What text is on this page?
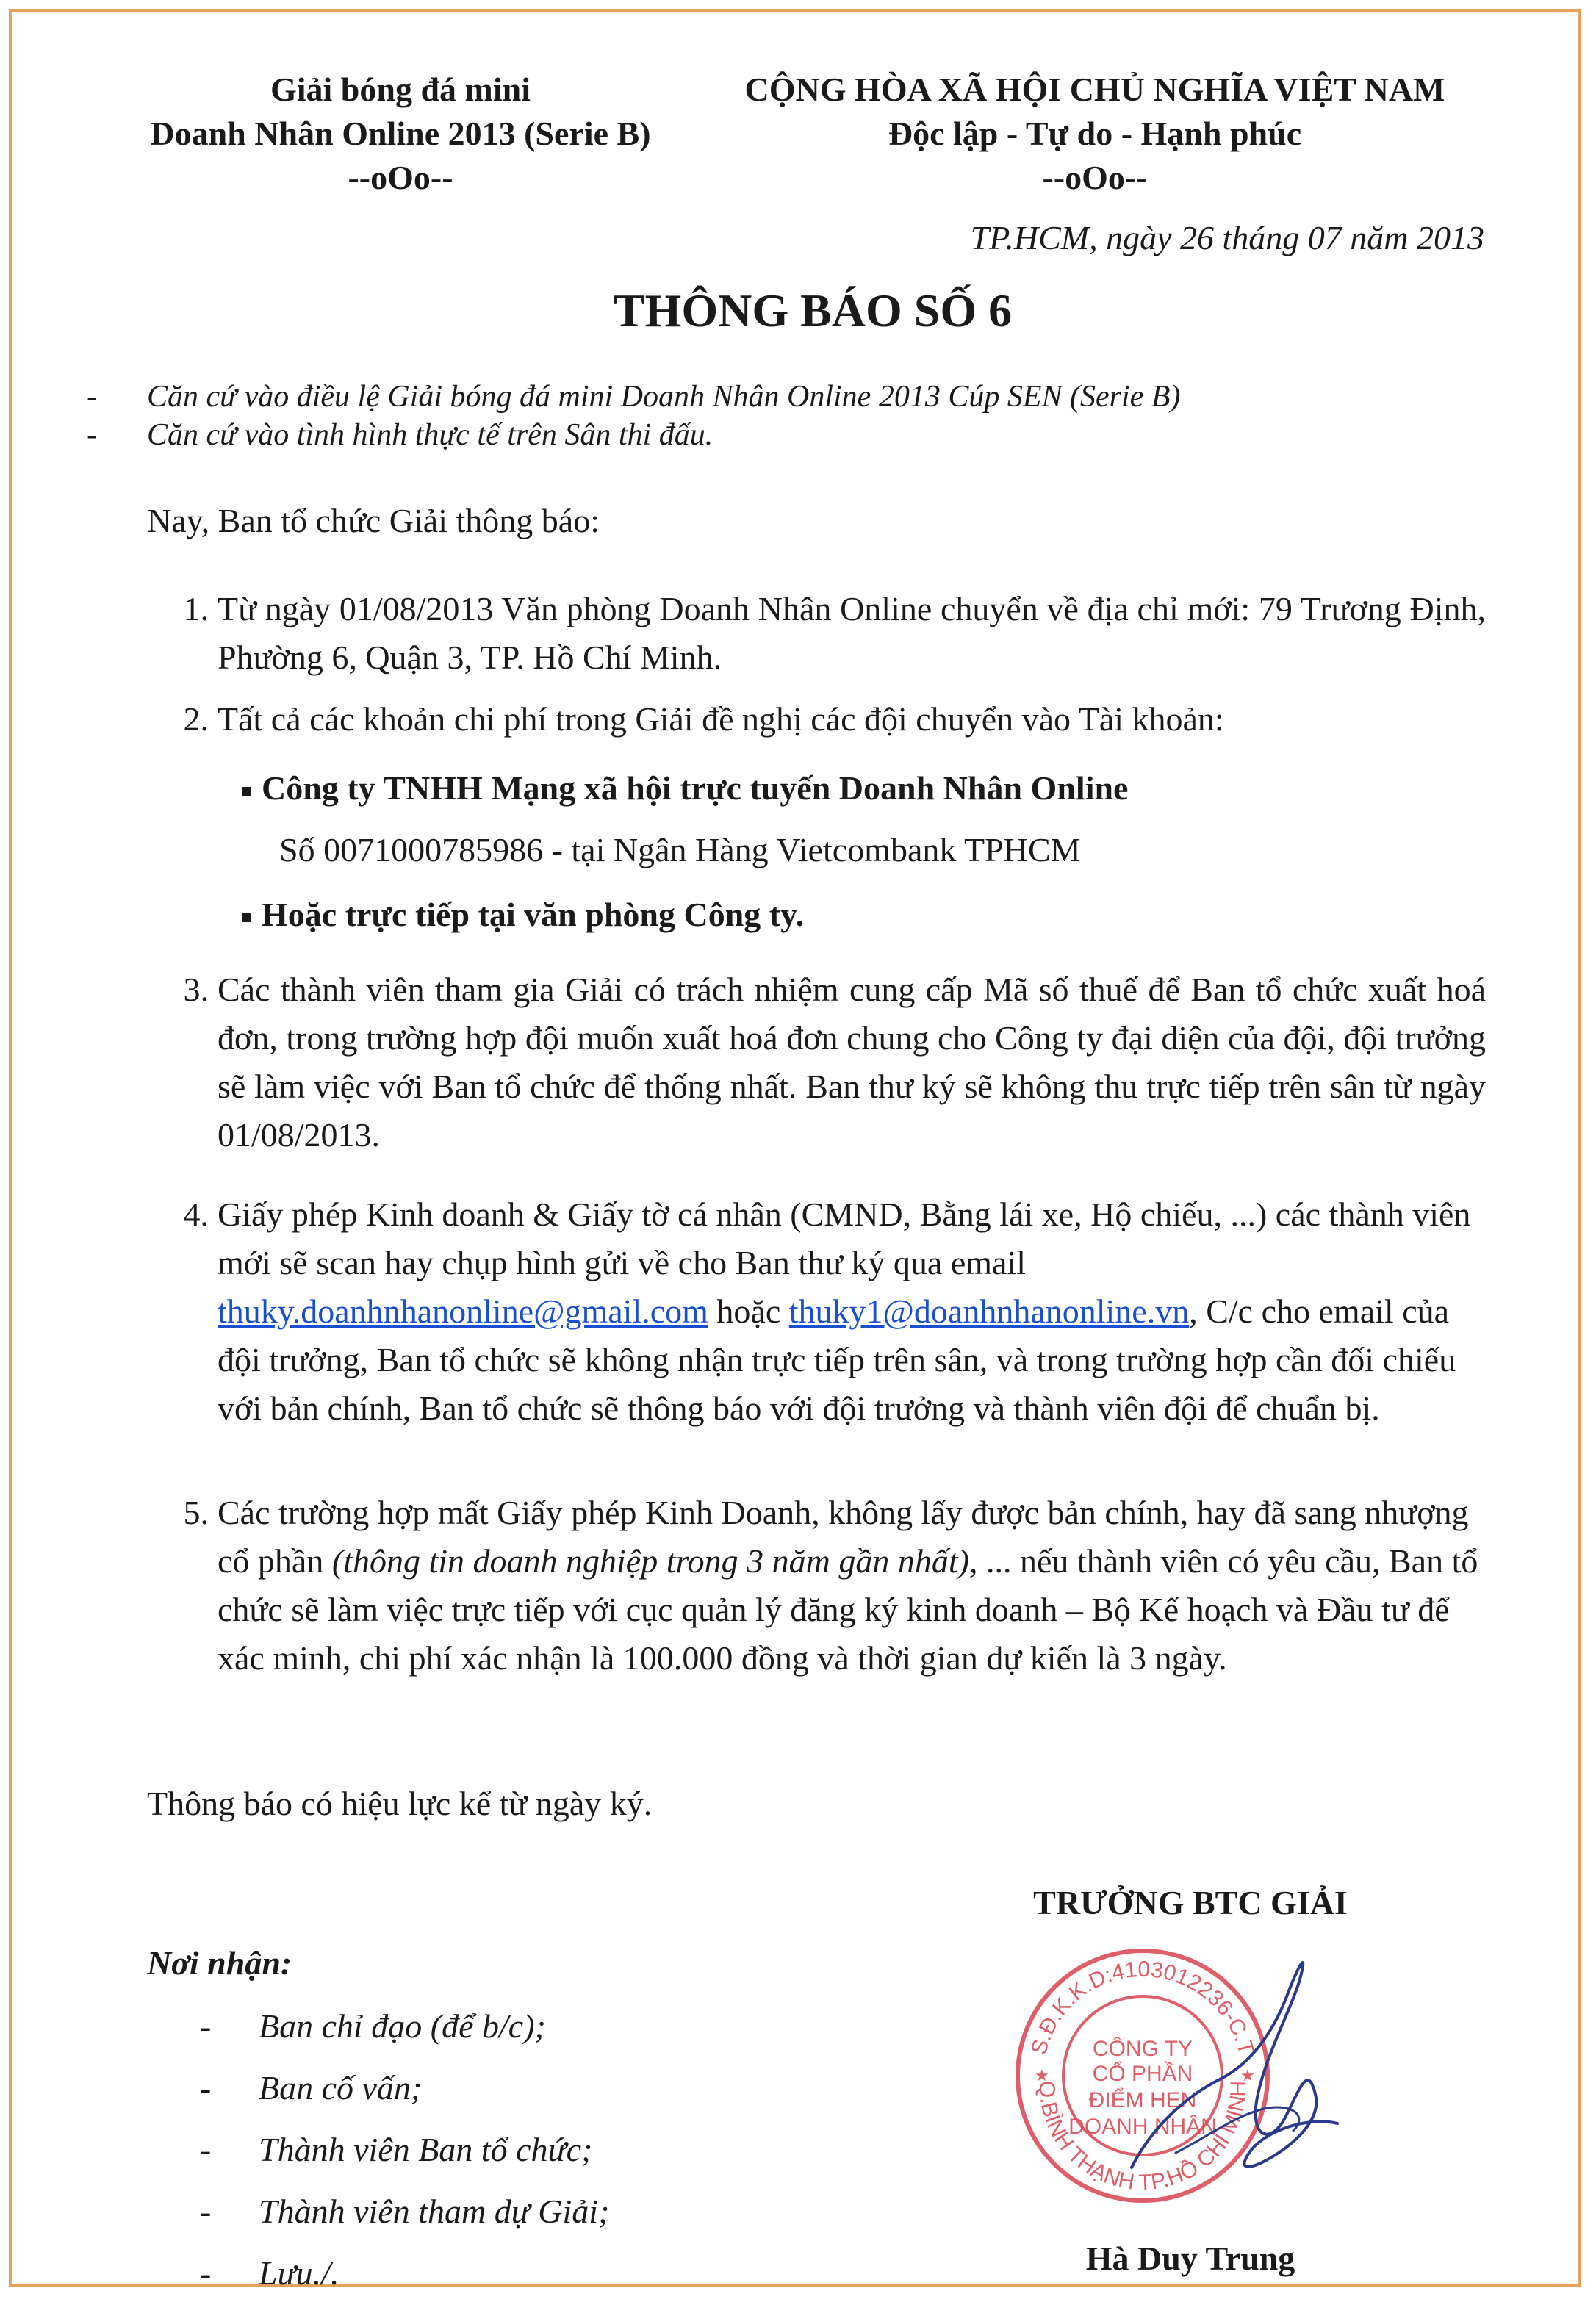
Giải bóng đá mini
Doanh Nhân Online 2013 (Serie B)
--oOo--
CỘNG HÒA XÃ HỘI CHỦ NGHĨA VIỆT NAM
Độc lập - Tự do - Hạnh phúc
--oOo--
TP.HCM, ngày 26 tháng 07 năm 2013
THÔNG BÁO SỐ 6
- Căn cứ vào điều lệ Giải bóng đá mini Doanh Nhân Online 2013 Cúp SEN (Serie B)
- Căn cứ vào tình hình thực tế trên Sân thi đấu.
Nay, Ban tổ chức Giải thông báo:
1. Từ ngày 01/08/2013 Văn phòng Doanh Nhân Online chuyển về địa chỉ mới: 79 Trương Định, Phường 6, Quận 3, TP. Hồ Chí Minh.
2. Tất cả các khoản chi phí trong Giải đề nghị các đội chuyển vào Tài khoản:
Công ty TNHH Mạng xã hội trực tuyến Doanh Nhân Online
Số 0071000785986 - tại Ngân Hàng Vietcombank TPHCM
Hoặc trực tiếp tại văn phòng Công ty.
3. Các thành viên tham gia Giải có trách nhiệm cung cấp Mã số thuế để Ban tổ chức xuất hoá đơn, trong trường hợp đội muốn xuất hoá đơn chung cho Công ty đại diện của đội, đội trưởng sẽ làm việc với Ban tổ chức để thống nhất. Ban thư ký sẽ không thu trực tiếp trên sân từ ngày 01/08/2013.
4. Giấy phép Kinh doanh & Giấy tờ cá nhân (CMND, Bằng lái xe, Hộ chiếu, ...) các thành viên mới sẽ scan hay chụp hình gửi về cho Ban thư ký qua email thuky.doanhnhanonline@gmail.com hoặc thuky1@doanhnhanonline.vn, C/c cho email của đội trưởng, Ban tổ chức sẽ không nhận trực tiếp trên sân, và trong trường hợp cần đối chiếu với bản chính, Ban tổ chức sẽ thông báo với đội trưởng và thành viên đội để chuẩn bị.
5. Các trường hợp mất Giấy phép Kinh Doanh, không lấy được bản chính, hay đã sang nhượng cổ phần (thông tin doanh nghiệp trong 3 năm gần nhất), ... nếu thành viên có yêu cầu, Ban tổ chức sẽ làm việc trực tiếp với cục quản lý đăng ký kinh doanh – Bộ Kế hoạch và Đầu tư để xác minh, chi phí xác nhận là 100.000 đồng và thời gian dự kiến là 3 ngày.
Thông báo có hiệu lực kể từ ngày ký.
TRƯỞNG BTC GIẢI
S.Đ.K.K.D:4103012236-C.T
Q.BÌNH THẠNH TP.HỒ CHÍ MINH
CÔNG TY
CỔ PHẦN
ĐIỂM HẸN
DOANH NHÂN
★	★
Hà Duy Trung
Nơi nhận:
- Ban chỉ đạo (để b/c);
- Ban cố vấn;
- Thành viên Ban tổ chức;
- Thành viên tham dự Giải;
- Lưu./.
